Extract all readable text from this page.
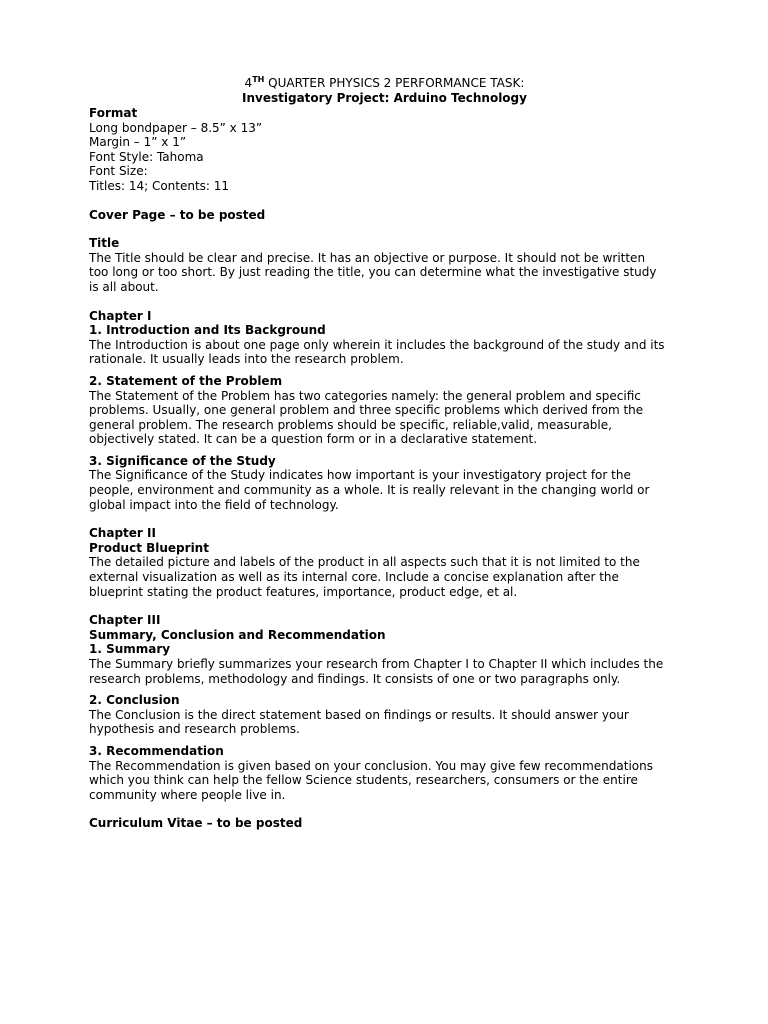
4TH QUARTER PHYSICS 2 PERFORMANCE TASK:
Investigatory Project: Arduino Technology
Format
Long bondpaper – 8.5” x 13”
Margin – 1” x 1”
Font Style: Tahoma
Font Size:
Titles: 14; Contents: 11
Cover Page – to be posted
Title
The Title should be clear and precise. It has an objective or purpose. It should not be written
too long or too short. By just reading the title, you can determine what the investigative study
is all about.
Chapter I
1. Introduction and Its Background
The Introduction is about one page only wherein it includes the background of the study and its
rationale. It usually leads into the research problem.
2. Statement of the Problem
The Statement of the Problem has two categories namely: the general problem and specific
problems. Usually, one general problem and three specific problems which derived from the
general problem. The research problems should be specific, reliable,valid, measurable,
objectively stated. It can be a question form or in a declarative statement.
3. Significance of the Study
The Significance of the Study indicates how important is your investigatory project for the
people, environment and community as a whole. It is really relevant in the changing world or
global impact into the field of technology.
Chapter II
Product Blueprint
The detailed picture and labels of the product in all aspects such that it is not limited to the
external visualization as well as its internal core. Include a concise explanation after the
blueprint stating the product features, importance, product edge, et al.
Chapter III
Summary, Conclusion and Recommendation
1. Summary
The Summary briefly summarizes your research from Chapter I to Chapter II which includes the
research problems, methodology and findings. It consists of one or two paragraphs only.
2. Conclusion
The Conclusion is the direct statement based on findings or results. It should answer your
hypothesis and research problems.
3. Recommendation
The Recommendation is given based on your conclusion. You may give few recommendations
which you think can help the fellow Science students, researchers, consumers or the entire
community where people live in.
Curriculum Vitae – to be posted
